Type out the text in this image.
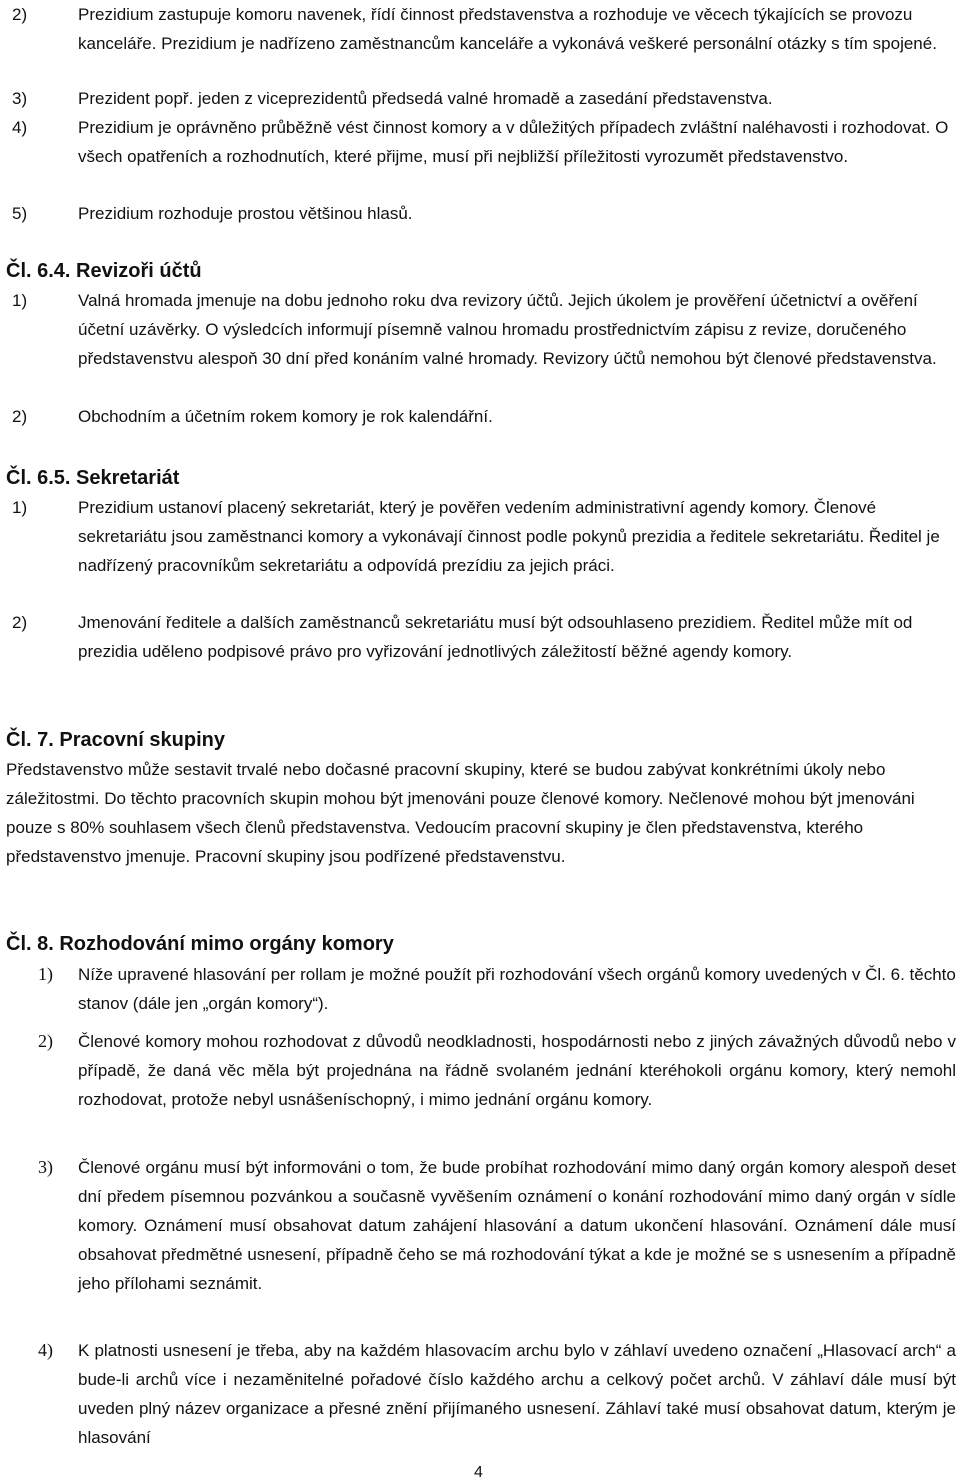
2)	Prezidium zastupuje komoru navenek, řídí činnost představenstva a rozhoduje ve věcech týkajících se provozu kanceláře. Prezidium je nadřízeno zaměstnancům kanceláře a vykonává veškeré personální otázky s tím spojené.
3)	Prezident popř. jeden z viceprezidentů předsedá valné hromadě a zasedání představenstva.
4)	Prezidium je oprávněno průběžně vést činnost komory a v důležitých případech zvláštní naléhavosti i rozhodovat. O všech opatřeních a rozhodnutích, které přijme, musí při nejbližší příležitosti vyrozumět představenstvo.
5)	Prezidium rozhoduje prostou většinou hlasů.
Čl. 6.4. Revizoři účtů
1)	Valná hromada jmenuje na dobu jednoho roku dva revizory účtů. Jejich úkolem je prověření účetnictví a ověření účetní uzávěrky. O výsledcích informují písemně valnou hromadu prostřednictvím zápisu z revize, doručeného představenstvu alespoň 30 dní před konáním valné hromady. Revizory účtů nemohou být členové představenstva.
2)	Obchodním a účetním rokem komory je rok kalendářní.
Čl. 6.5. Sekretariát
1)	Prezidium ustanoví placený sekretariát, který je pověřen vedením administrativní agendy komory. Členové sekretariátu jsou zaměstnanci komory a vykonávají činnost podle pokynů prezidia a ředitele sekretariátu. Ředitel je nadřízený pracovníkům sekretariátu a odpovídá prezídiu za jejich práci.
2)	Jmenování ředitele a dalších zaměstnanců sekretariátu musí být odsouhlaseno prezidiem. Ředitel může mít od prezidia uděleno podpisové právo pro vyřizování jednotlivých záležitostí běžné agendy komory.
Čl. 7. Pracovní skupiny

Představenstvo může sestavit trvalé nebo dočasné pracovní skupiny, které se budou zabývat konkrétními úkoly nebo záležitostmi. Do těchto pracovních skupin mohou být jmenováni pouze členové komory. Nečlenové mohou být jmenováni pouze s 80% souhlasem všech členů představenstva. Vedoucím pracovní skupiny je člen představenstva, kterého představenstvo jmenuje. Pracovní skupiny jsou podřízené představenstvu.

Čl. 8. Rozhodování mimo orgány komory
1) Níže upravené hlasování per rollam je možné použít při rozhodování všech orgánů komory uvedených v Čl. 6. těchto stanov (dále jen „orgán komory“).
2) Členové komory mohou rozhodovat z důvodů neodkladnosti, hospodárnosti nebo z jiných závažných důvodů nebo v případě, že daná věc měla být projednána na řádně svolaném jednání kteréhokoli orgánu komory, který nemohl rozhodovat, protože nebyl usnášeníschopný, i mimo jednání orgánu komory.
3) Členové orgánu musí být informováni o tom, že bude probíhat rozhodování mimo daný orgán komory alespoň deset dní předem písemnou pozvánkou a současně vyvěšením oznámení o konání rozhodování mimo daný orgán v sídle komory. Oznámení musí obsahovat datum zahájení hlasování a datum ukončení hlasování. Oznámení dále musí obsahovat předmětné usnesení, případně čeho se má rozhodování týkat a kde je možné se s usnesením a případně jeho přílohami seznámit.
4) K platnosti usnesení je třeba, aby na každém hlasovacím archu bylo v záhlaví uvedeno označení „Hlasovací arch“ a bude-li archů více i nezaměnitelné pořadové číslo každého archu a celkový počet archů. V záhlaví dále musí být uveden plný název organizace a přesné znění přijímaného usnesení. Záhlaví také musí obsahovat datum, kterým je hlasování
4
